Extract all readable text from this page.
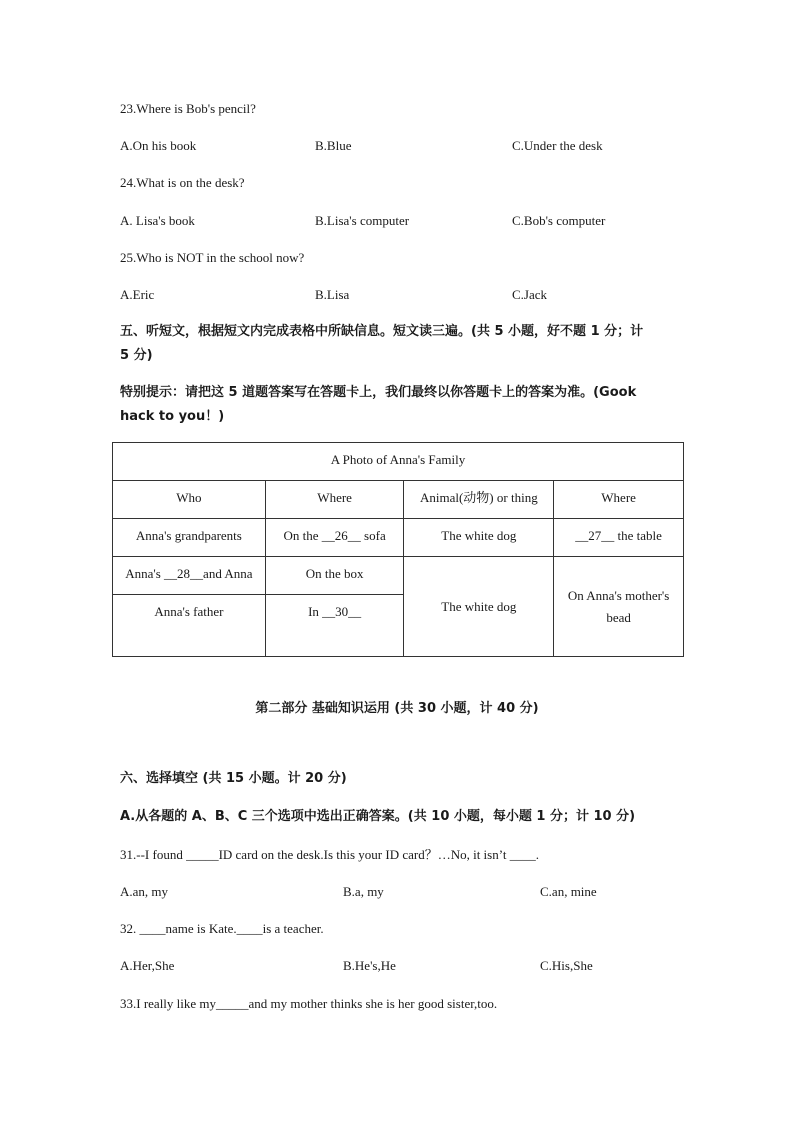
23.Where is Bob's pencil?
A.On his book	B.Blue	C.Under the desk
24.What is on the desk?
A. Lisa's book	B.Lisa's computer	C.Bob's computer
25.Who is NOT in the school now?
A.Eric	B.Lisa	C.Jack
五、听短文，根据短文内完成表格中所缺信息。短文读三遍。(共 5 小题，好不题 1 分；计
5 分)
特别提示：请把这 5 道题答案写在答题卡上，我们最终以你答题卡上的答案为准。(Gook
hack to you！)
A Photo of Anna's Family			
Who	Where	Animal(动物) or thing	Where
Anna's grandparents	On the __26__ sofa	The white dog	__27__ the table
Anna's __28__and Anna	On the box	The white dog	On Anna's mother's bead
Anna's father	In __30__		
第二部分 基础知识运用 (共 30 小题，计 40 分)
六、选择填空 (共 15 小题。计 20 分)
A.从各题的 A、B、C 三个选项中选出正确答案。(共 10 小题，每小题 1 分；计 10 分)
31.--I found _____ID card on the desk.Is this your ID card？…No, it isn’t ____.
A.an, my	B.a, my	C.an, mine
32. ____name is Kate.____is a teacher.
A.Her,She	B.He's,He	C.His,She
33.I really like my_____and my mother thinks she is her good sister,too.
